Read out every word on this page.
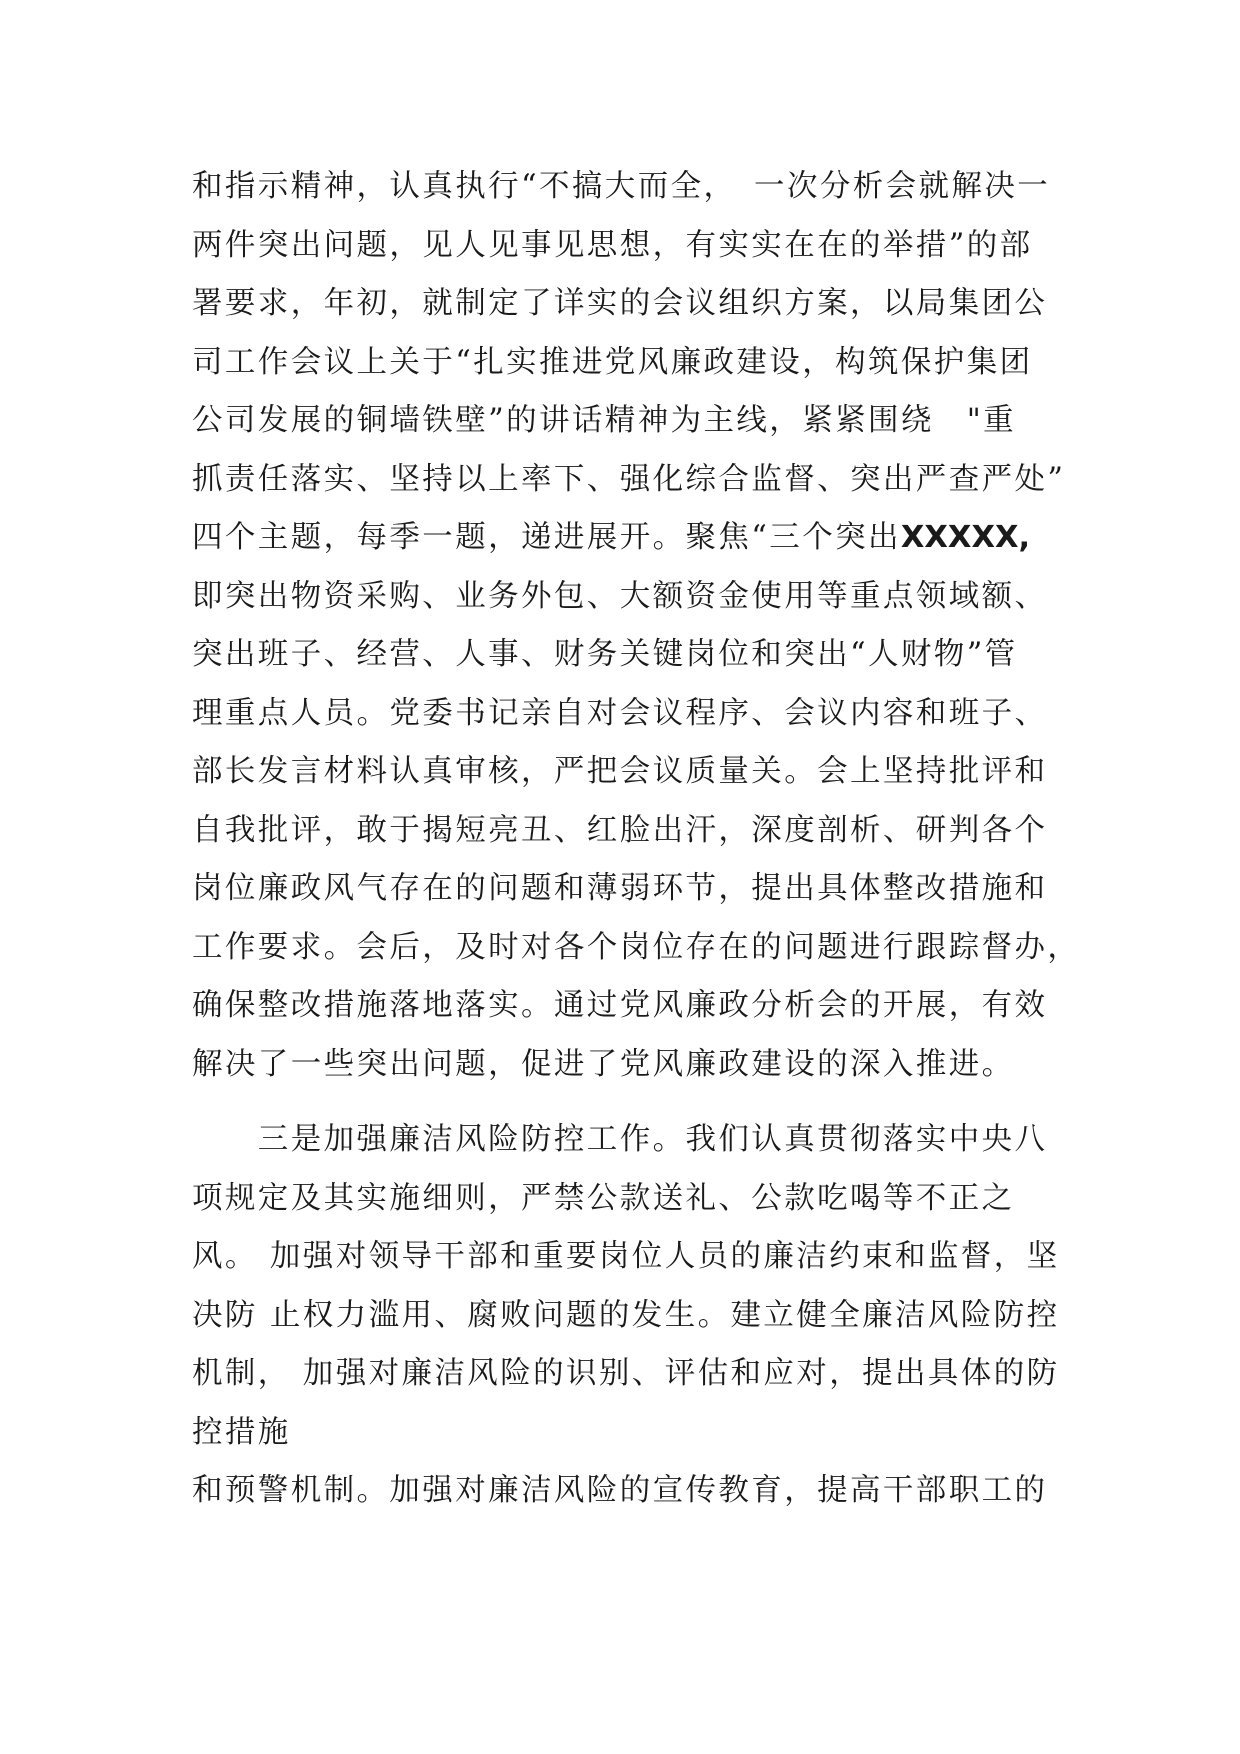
和指示精神，认真执行“不搞大而全，　一次分析会就解决一
两件突出问题，见人见事见思想，有实实在在的举措”的部
署要求，年初，就制定了详实的会议组织方案，以局集团公
司工作会议上关于“扎实推进党风廉政建设，构筑保护集团
公司发展的铜墙铁壁”的讲话精神为主线，紧紧围绕　"重
抓责任落实、坚持以上率下、强化综合监督、突出严查严处”
四个主题，每季一题，递进展开。聚焦“三个突出XXXXX,
即突出物资采购、业务外包、大额资金使用等重点领域额、
突出班子、经营、人事、财务关键岗位和突出“人财物”管
理重点人员。党委书记亲自对会议程序、会议内容和班子、
部长发言材料认真审核，严把会议质量关。会上坚持批评和
自我批评，敢于揭短亮丑、红脸出汗，深度剖析、研判各个
岗位廉政风气存在的问题和薄弱环节，提出具体整改措施和
工作要求。会后，及时对各个岗位存在的问题进行跟踪督办，
确保整改措施落地落实。通过党风廉政分析会的开展，有效
解决了一些突出问题，促进了党风廉政建设的深入推进。
　　三是加强廉洁风险防控工作。我们认真贯彻落实中央八
项规定及其实施细则，严禁公款送礼、公款吃喝等不正之
风。 加强对领导干部和重要岗位人员的廉洁约束和监督，坚
决防 止权力滥用、腐败问题的发生。建立健全廉洁风险防控
机制， 加强对廉洁风险的识别、评估和应对，提出具体的防
控措施
和预警机制。加强对廉洁风险的宣传教育，提高干部职工的
